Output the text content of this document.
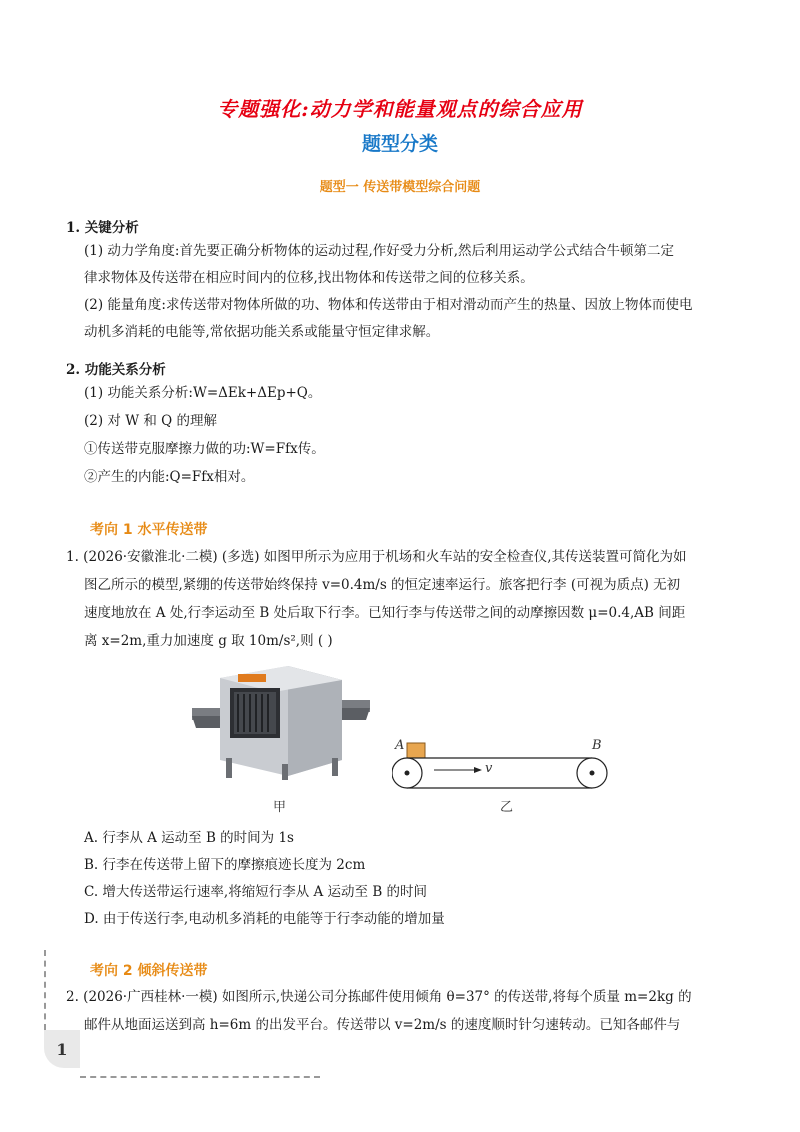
专题强化:动力学和能量观点的综合应用
题型分类
题型一 传送带模型综合问题
1. 关键分析
(1) 动力学角度:首先要正确分析物体的运动过程,作好受力分析,然后利用运动学公式结合牛顿第二定
律求物体及传送带在相应时间内的位移,找出物体和传送带之间的位移关系。
(2) 能量角度:求传送带对物体所做的功、物体和传送带由于相对滑动而产生的热量、因放上物体而使电
动机多消耗的电能等,常依据功能关系或能量守恒定律求解。
2. 功能关系分析
(1) 功能关系分析:W=ΔEk+ΔEp+Q。
(2) 对 W 和 Q 的理解
①传送带克服摩擦力做的功:W=Ffx传。
②产生的内能:Q=Ffx相对。
考向 1 水平传送带
1. (2026·安徽淮北·二模) (多选) 如图甲所示为应用于机场和火车站的安全检查仪,其传送装置可简化为如
图乙所示的模型,紧绷的传送带始终保持 v=0.4m/s 的恒定速率运行。旅客把行李 (可视为质点) 无初
速度地放在 A 处,行李运动至 B 处后取下行李。已知行李与传送带之间的动摩擦因数 μ=0.4,AB 间距
离 x=2m,重力加速度 g 取 10m/s²,则 ( )
甲
A	B
v
乙
A. 行李从 A 运动至 B 的时间为 1s
B. 行李在传送带上留下的摩擦痕迹长度为 2cm
C. 增大传送带运行速率,将缩短行李从 A 运动至 B 的时间
D. 由于传送行李,电动机多消耗的电能等于行李动能的增加量
考向 2 倾斜传送带
2. (2026·广西桂林·一模) 如图所示,快递公司分拣邮件使用倾角 θ=37° 的传送带,将每个质量 m=2kg 的
邮件从地面运送到高 h=6m 的出发平台。传送带以 v=2m/s 的速度顺时针匀速转动。已知各邮件与
1
